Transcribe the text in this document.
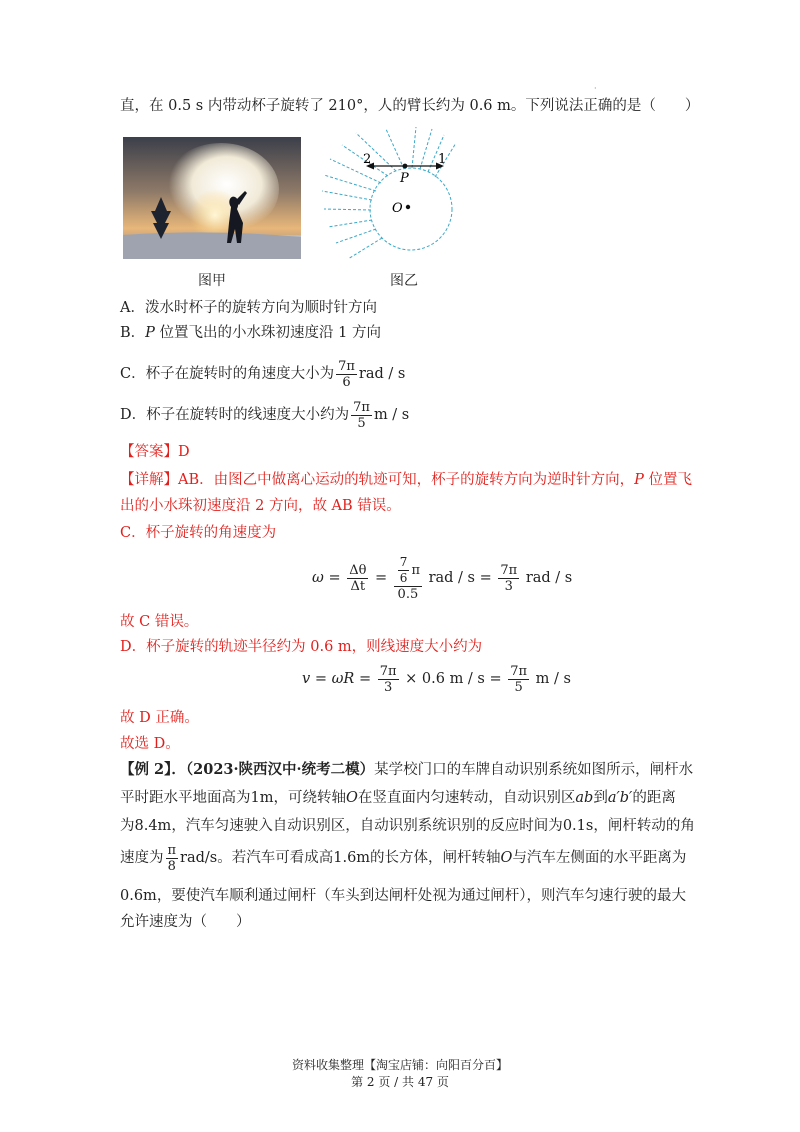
·
直，在 0.5 s 内带动杯子旋转了 210°，人的臂长约为 0.6 m。下列说法正确的是（　　）
2	1
P
O
图甲	图乙
A．泼水时杯子的旋转方向为顺时针方向
B．P 位置飞出的小水珠初速度沿 1 方向
C．杯子在旋转时的角速度大小为 $\frac{7\pi}{6}$ rad / s
D．杯子在旋转时的线速度大小约为 $\frac{7\pi}{5}$ m / s
【答案】D
【详解】AB．由图乙中做离心运动的轨迹可知，杯子的旋转方向为逆时针方向，P 位置飞
出的小水珠初速度沿 2 方向，故 AB 错误。
C．杯子旋转的角速度为
$\omega = \frac{\Delta\theta}{\Delta t} = \frac{\frac{7}{6} \pi}{0.5}$ rad / $s = \frac{7\pi}{3}$ rad / s
故 C 错误。
D．杯子旋转的轨迹半径约为 0.6 m，则线速度大小约为
$v = \omega R = \frac{7\pi}{3} \times 0.6$ $m / s = \frac{7\pi}{5}$ m / s
故 D 正确。
故选 D。
【例 2】．（2023·陕西汉中·统考二模）某学校门口的车牌自动识别系统如图所示，闸杆水
平时距水平地面高为1m，可绕转轴O在竖直面内匀速转动，自动识别区ab到a′b′的距离
为8.4m，汽车匀速驶入自动识别区，自动识别系统识别的反应时间为0.1s，闸杆转动的角
速度为 $\frac{\pi}{8} rad/s$。若汽车可看成高1.6m的长方体，闸杆转轴O与汽车左侧面的水平距离为
0.6m，要使汽车顺利通过闸杆（车头到达闸杆处视为通过闸杆），则汽车匀速行驶的最大
允许速度为（　　）
资料收集整理【淘宝店铺：向阳百分百】
第 2 页 / 共 47 页
